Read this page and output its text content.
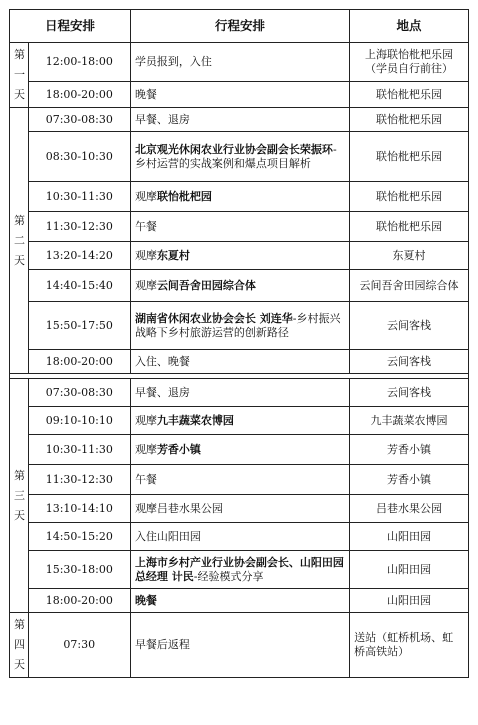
日程安排		行程安排	地点

第
一
天	12:00-18:00	学员报到，入住	上海联怡枇杷乐园（学员自行前往）
	18:00-20:00	晚餐	联怡枇杷乐园

第
二
天	07:30-08:30	早餐、退房	联怡枇杷乐园
	08:30-10:30	北京观光休闲农业行业协会副会长荣振环-乡村运营的实战案例和爆点项目解析	联怡枇杷乐园
	10:30-11:30	观摩联怡枇杷园	联怡枇杷乐园
	11:30-12:30	午餐	联怡枇杷乐园
	13:20-14:20	观摩东夏村	东夏村
	14:40-15:40	观摩云间吾舍田园综合体	云间吾舍田园综合体
	15:50-17:50	湖南省休闲农业协会会长 刘连华-乡村振兴战略下乡村旅游运营的创新路径	云间客栈
	18:00-20:00	入住、晚餐	云间客栈

第
三
天	07:30-08:30	早餐、退房	云间客栈
	09:10-10:10	观摩九丰蔬菜农博园	九丰蔬菜农博园
	10:30-11:30	观摩芳香小镇	芳香小镇
	11:30-12:30	午餐	芳香小镇
	13:10-14:10	观摩吕巷水果公园	吕巷水果公园
	14:50-15:20	入住山阳田园	山阳田园
	15:30-18:00	上海市乡村产业行业协会副会长、山阳田园总经理 计民-经验模式分享	山阳田园
	18:00-20:00	晚餐	山阳田园

第
四
天	07:30	早餐后返程	送站（虹桥机场、虹桥高铁站）
